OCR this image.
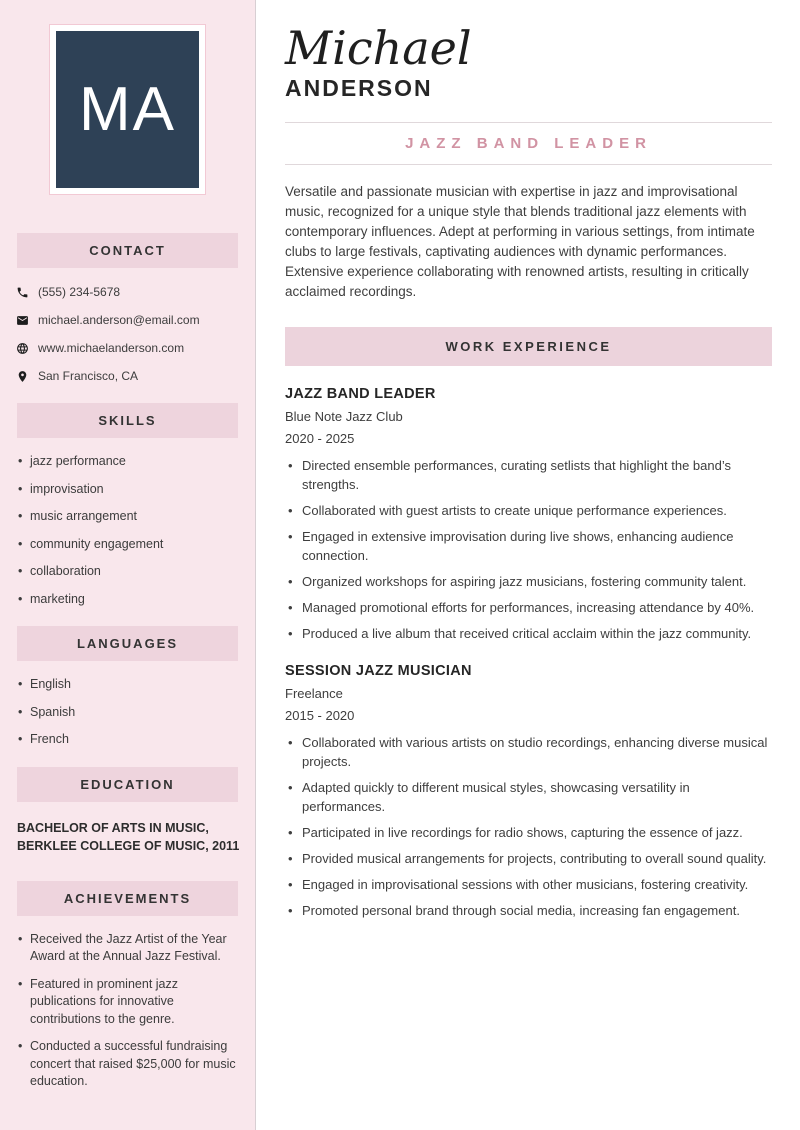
MA
CONTACT
(555) 234-5678
michael.anderson@email.com
www.michaelanderson.com
San Francisco, CA
SKILLS
• jazz performance
• improvisation
• music arrangement
• community engagement
• collaboration
• marketing
LANGUAGES
• English
• Spanish
• French
EDUCATION
BACHELOR OF ARTS IN MUSIC, BERKLEE COLLEGE OF MUSIC, 2011
ACHIEVEMENTS
• Received the Jazz Artist of the Year Award at the Annual Jazz Festival.
• Featured in prominent jazz publications for innovative contributions to the genre.
• Conducted a successful fundraising concert that raised $25,000 for music education.
Michael
ANDERSON
JAZZ BAND LEADER

Versatile and passionate musician with expertise in jazz and improvisational music, recognized for a unique style that blends traditional jazz elements with contemporary influences. Adept at performing in various settings, from intimate clubs to large festivals, captivating audiences with dynamic performances. Extensive experience collaborating with renowned artists, resulting in critically acclaimed recordings.

WORK EXPERIENCE
JAZZ BAND LEADER
Blue Note Jazz Club
2020 - 2025
• Directed ensemble performances, curating setlists that highlight the band’s strengths.
• Collaborated with guest artists to create unique performance experiences.
• Engaged in extensive improvisation during live shows, enhancing audience connection.
• Organized workshops for aspiring jazz musicians, fostering community talent.
• Managed promotional efforts for performances, increasing attendance by 40%.
• Produced a live album that received critical acclaim within the jazz community.
SESSION JAZZ MUSICIAN
Freelance
2015 - 2020
• Collaborated with various artists on studio recordings, enhancing diverse musical projects.
• Adapted quickly to different musical styles, showcasing versatility in performances.
• Participated in live recordings for radio shows, capturing the essence of jazz.
• Provided musical arrangements for projects, contributing to overall sound quality.
• Engaged in improvisational sessions with other musicians, fostering creativity.
• Promoted personal brand through social media, increasing fan engagement.
